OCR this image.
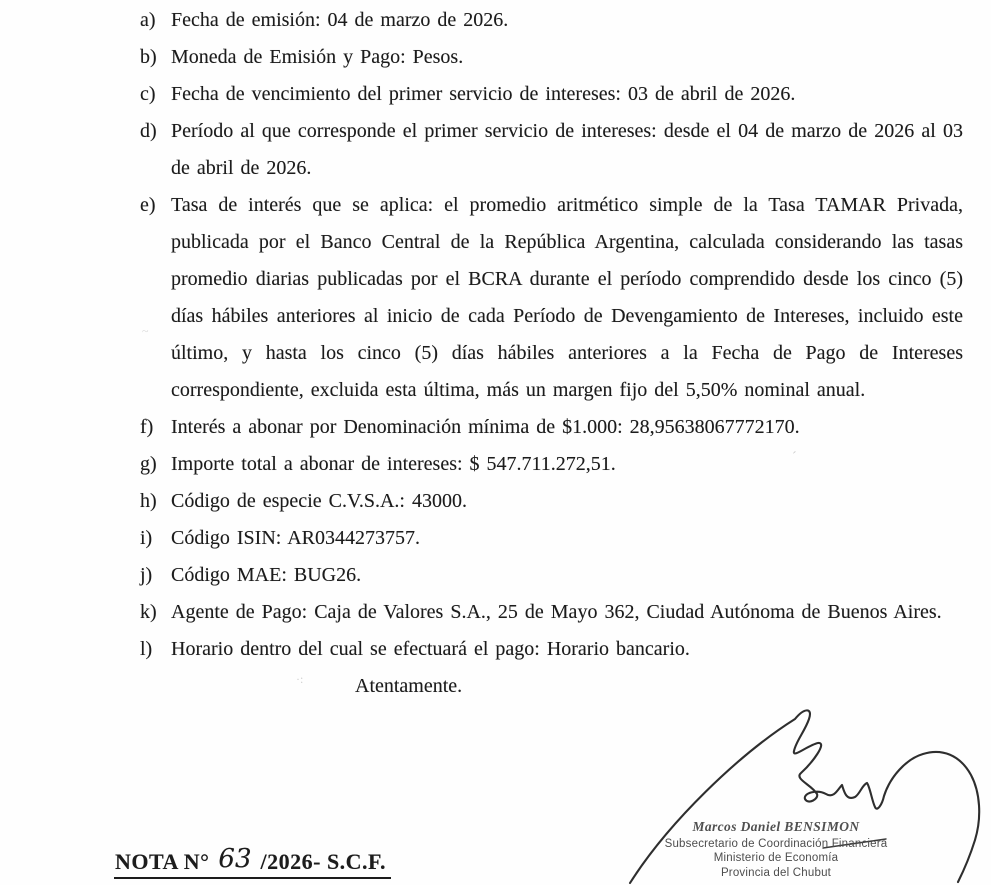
a) Fecha de emisión: 04 de marzo de 2026.
b) Moneda de Emisión y Pago: Pesos.
c) Fecha de vencimiento del primer servicio de intereses: 03 de abril de 2026.
d) Período al que corresponde el primer servicio de intereses: desde el 04 de marzo de 2026 al 03 de abril de 2026.
e) Tasa de interés que se aplica: el promedio aritmético simple de la Tasa TAMAR Privada, publicada por el Banco Central de la República Argentina, calculada considerando las tasas promedio diarias publicadas por el BCRA durante el período comprendido desde los cinco (5) días hábiles anteriores al inicio de cada Período de Devengamiento de Intereses, incluido este último, y hasta los cinco (5) días hábiles anteriores a la Fecha de Pago de Intereses correspondiente, excluida esta última, más un margen fijo del 5,50% nominal anual.
f) Interés a abonar por Denominación mínima de $1.000: 28,95638067772170.
g) Importe total a abonar de intereses: $ 547.711.272,51.
h) Código de especie C.V.S.A.: 43000.
i) Código ISIN: AR0344273757.
j) Código MAE: BUG26.
k) Agente de Pago: Caja de Valores S.A., 25 de Mayo 362, Ciudad Autónoma de Buenos Aires.
l) Horario dentro del cual se efectuará el pago: Horario bancario.

Atentamente.

Marcos Daniel BENSIMON
Subsecretario de Coordinación Financiera
Ministerio de Economía
Provincia del Chubut
NOTA N° 63 /2026- S.C.F.
·:
´
~
